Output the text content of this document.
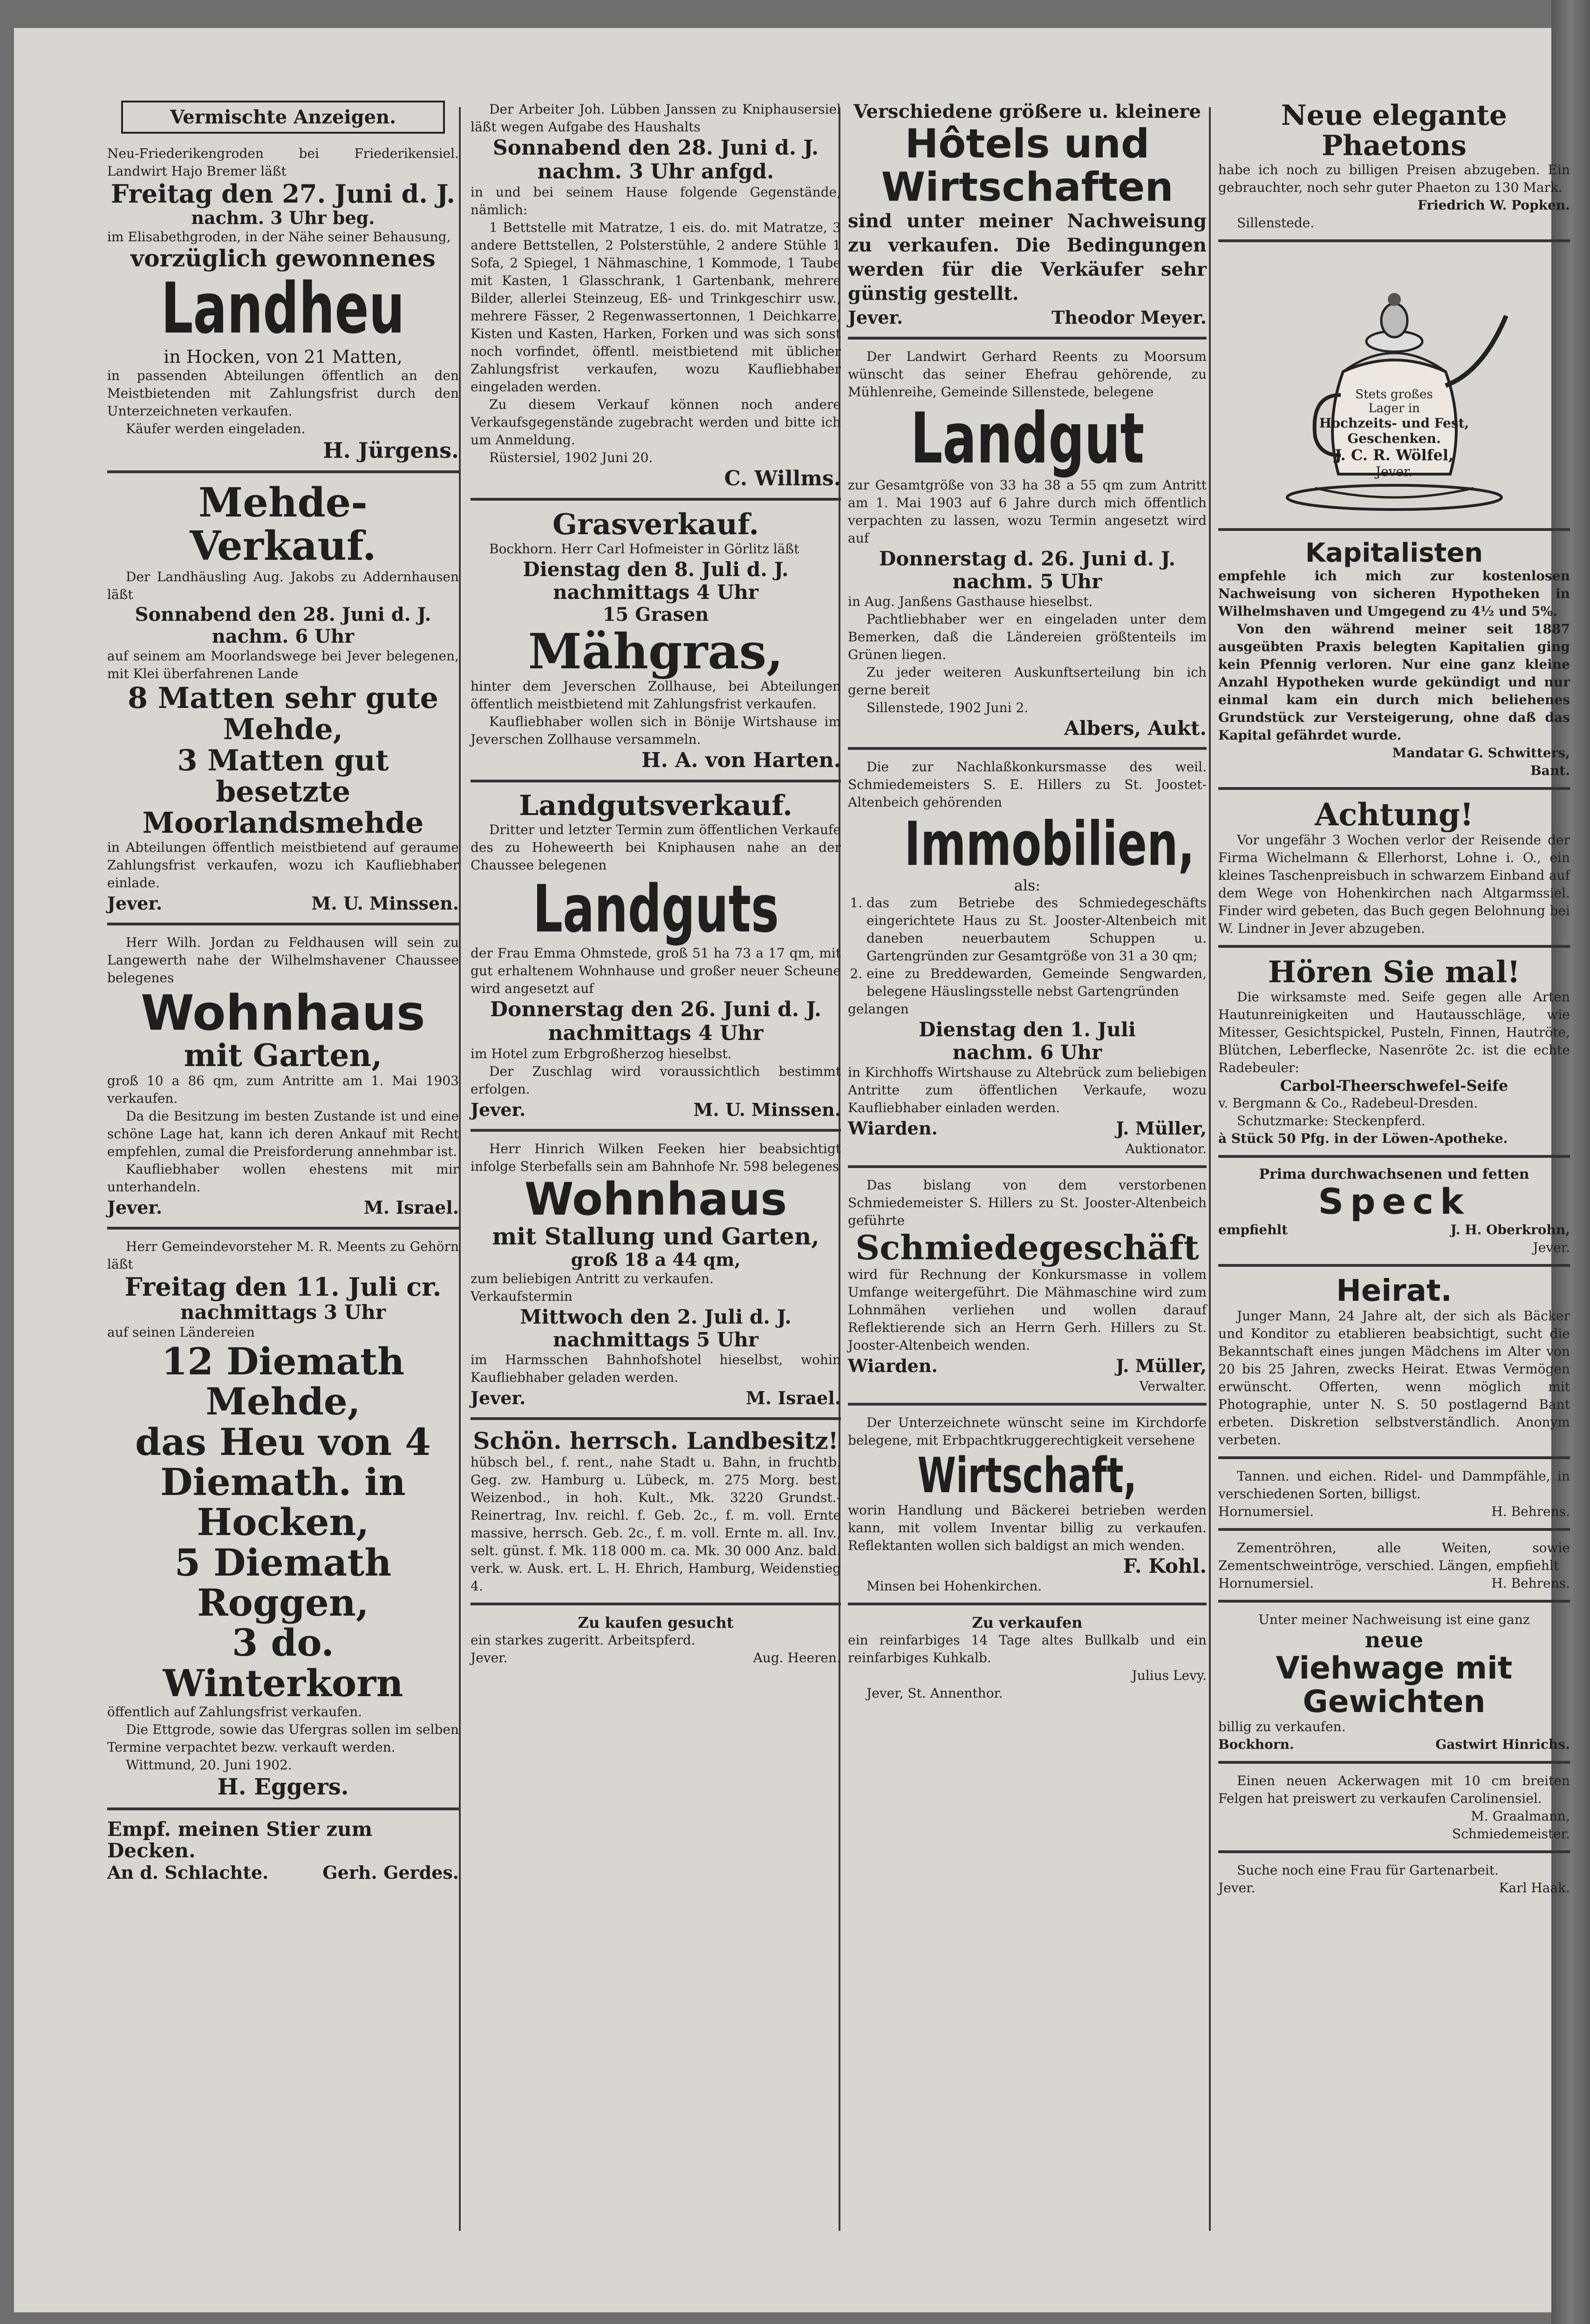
Vermischte Anzeigen.

Neu-Friederikengroden bei Friederikensiel. Landwirt Hajo Bremer läßt

Freitag den 27. Juni d. J.

nachm. 3 Uhr beg.

im Elisabethgroden, in der Nähe seiner Behausung,

vorzüglich gewonnenes

Landheu

in Hocken, von 21 Matten,

in passenden Abteilungen öffentlich an den Meistbietenden mit Zahlungsfrist durch den Unterzeichneten verkaufen.

Käufer werden eingeladen.

H. Jürgens.

Mehde-Verkauf.

Der Landhäusling Aug. Jakobs zu Addernhausen läßt

Sonnabend den 28. Juni d. J.

nachm. 6 Uhr

auf seinem am Moorlandswege bei Jever belegenen, mit Klei überfahrenen Lande

8 Matten sehr gute Mehde,

3 Matten gut besetzte Moorlandsmehde

in Abteilungen öffentlich meistbietend auf geraume Zahlungsfrist verkaufen, wozu ich Kaufliebhaber einlade.

Jever.	M. U. Minssen.

Herr Wilh. Jordan zu Feldhausen will sein zu Langewerth nahe der Wilhelmshavener Chaussee belegenes

Wohnhaus

mit Garten,

groß 10 a 86 qm, zum Antritte am 1. Mai 1903 verkaufen.

Da die Besitzung im besten Zustande ist und eine schöne Lage hat, kann ich deren Ankauf mit Recht empfehlen, zumal die Preisforderung annehmbar ist.

Kaufliebhaber wollen ehestens mit mir unterhandeln.

Jever.	M. Israel.

Herr Gemeindevorsteher M. R. Meents zu Gehörn läßt

Freitag den 11. Juli cr.

nachmittags 3 Uhr

auf seinen Ländereien

12 Diemath Mehde,

das Heu von 4

Diemath. in Hocken,

5 Diemath Roggen,

3 do. Winterkorn

öffentlich auf Zahlungsfrist verkaufen.

Die Ettgrode, sowie das Ufergras sollen im selben Termine verpachtet bezw. verkauft werden.

Wittmund, 20. Juni 1902.

H. Eggers.

Empf. meinen Stier zum Decken.

An d. Schlachte.	Gerh. Gerdes.

Der Arbeiter Joh. Lübben Janssen zu Kniphausersiel läßt wegen Aufgabe des Haushalts

Sonnabend den 28. Juni d. J.

nachm. 3 Uhr anfgd.

in und bei seinem Hause folgende Gegenstände, nämlich:

1 Bettstelle mit Matratze, 1 eis. do. mit Matratze, 3 andere Bettstellen, 2 Polsterstühle, 2 andere Stühle 1 Sofa, 2 Spiegel, 1 Nähmaschine, 1 Kommode, 1 Taube mit Kasten, 1 Glasschrank, 1 Gartenbank, mehrere Bilder, allerlei Steinzeug, Eß- und Trinkgeschirr usw., mehrere Fässer, 2 Regenwassertonnen, 1 Deichkarre, Kisten und Kasten, Harken, Forken und was sich sonst noch vorfindet, öffentl. meistbietend mit üblicher Zahlungsfrist verkaufen, wozu Kaufliebhaber eingeladen werden.

Zu diesem Verkauf können noch andere Verkaufsgegenstände zugebracht werden und bitte ich um Anmeldung.

Rüstersiel, 1902 Juni 20.

C. Willms.

Grasverkauf.

Bockhorn. Herr Carl Hofmeister in Görlitz läßt

Dienstag den 8. Juli d. J.

nachmittags 4 Uhr

15 Grasen

Mähgras,

hinter dem Jeverschen Zollhause, bei Abteilungen öffentlich meistbietend mit Zahlungsfrist verkaufen.

Kaufliebhaber wollen sich in Bönije Wirtshause im Jeverschen Zollhause versammeln.

H. A. von Harten.

Landgutsverkauf.

Dritter und letzter Termin zum öffentlichen Verkaufe des zu Hoheweerth bei Kniphausen nahe an der Chaussee belegenen

Landguts

der Frau Emma Ohmstede, groß 51 ha 73 a 17 qm, mit gut erhaltenem Wohnhause und großer neuer Scheune wird angesetzt auf

Donnerstag den 26. Juni d. J.

nachmittags 4 Uhr

im Hotel zum Erbgroßherzog hieselbst.

Der Zuschlag wird voraussichtlich bestimmt erfolgen.

Jever.	M. U. Minssen.

Herr Hinrich Wilken Feeken hier beabsichtigt infolge Sterbefalls sein am Bahnhofe Nr. 598 belegenes

Wohnhaus

mit Stallung und Garten,

groß 18 a 44 qm,

zum beliebigen Antritt zu verkaufen.

Verkaufstermin

Mittwoch den 2. Juli d. J.

nachmittags 5 Uhr

im Harmsschen Bahnhofshotel hieselbst, wohin Kaufliebhaber geladen werden.

Jever.	M. Israel.

Schön. herrsch. Landbesitz!

hübsch bel., f. rent., nahe Stadt u. Bahn, in fruchtb. Geg. zw. Hamburg u. Lübeck, m. 275 Morg. best. Weizenbod., in hoh. Kult., Mk. 3220 Grundst.-Reinertrag, Inv. reichl. f. Geb. 2c., f. m. voll. Ernte massive, herrsch. Geb. 2c., f. m. voll. Ernte m. all. Inv., selt. günst. f. Mk. 118 000 m. ca. Mk. 30 000 Anz. bald. verk. w. Ausk. ert. L. H. Ehrich, Hamburg, Weidenstieg 4.

Zu kaufen gesucht

ein starkes zugeritt. Arbeitspferd.

Jever.	Aug. Heeren.

Verschiedene größere u. kleinere

Hôtels und Wirtschaften

sind unter meiner Nachweisung zu verkaufen. Die Bedingungen werden für die Verkäufer sehr günstig gestellt.

Jever.	Theodor Meyer.

Der Landwirt Gerhard Reents zu Moorsum wünscht das seiner Ehefrau gehörende, zu Mühlenreihe, Gemeinde Sillenstede, belegene

Landgut

zur Gesamtgröße von 33 ha 38 a 55 qm zum Antritt am 1. Mai 1903 auf 6 Jahre durch mich öffentlich verpachten zu lassen, wozu Termin angesetzt wird auf

Donnerstag d. 26. Juni d. J.

nachm. 5 Uhr

in Aug. Janßens Gasthause hieselbst.

Pachtliebhaber wer en eingeladen unter dem Bemerken, daß die Ländereien größtenteils im Grünen liegen.

Zu jeder weiteren Auskunftserteilung bin ich gerne bereit

Sillenstede, 1902 Juni 2.

Albers, Aukt.

Die zur Nachlaßkonkursmasse des weil. Schmiedemeisters S. E. Hillers zu St. Joostet-Altenbeich gehörenden

Immobilien,

als:

1. das zum Betriebe des Schmiedegeschäfts eingerichtete Haus zu St. Jooster-Altenbeich mit daneben neuerbautem Schuppen u. Gartengründen zur Gesamtgröße von 31 a 30 qm;
2. eine zu Breddewarden, Gemeinde Sengwarden, belegene Häuslingsstelle nebst Gartengründen

gelangen

Dienstag den 1. Juli

nachm. 6 Uhr

in Kirchhoffs Wirtshause zu Altebrück zum beliebigen Antritte zum öffentlichen Verkaufe, wozu Kaufliebhaber einladen werden.

Wiarden.	J. Müller,

Auktionator.

Das bislang von dem verstorbenen Schmiedemeister S. Hillers zu St. Jooster-Altenbeich geführte

Schmiedegeschäft

wird für Rechnung der Konkursmasse in vollem Umfange weitergeführt. Die Mähmaschine wird zum Lohnmähen verliehen und wollen darauf Reflektierende sich an Herrn Gerh. Hillers zu St. Jooster-Altenbeich wenden.

Wiarden.	J. Müller,

Verwalter.

Der Unterzeichnete wünscht seine im Kirchdorfe belegene, mit Erbpachtkruggerechtigkeit versehene

Wirtschaft,

worin Handlung und Bäckerei betrieben werden kann, mit vollem Inventar billig zu verkaufen. Reflektanten wollen sich baldigst an mich wenden.

F. Kohl.

Minsen bei Hohenkirchen.

Zu verkaufen

ein reinfarbiges 14 Tage altes Bullkalb und ein reinfarbiges Kuhkalb.

Julius Levy.

Jever, St. Annenthor.

Neue elegante Phaetons

habe ich noch zu billigen Preisen abzugeben. Ein gebrauchter, noch sehr guter Phaeton zu 130 Mark.

Friedrich W. Popken.

Sillenstede.

Stets großes

Lager in

Hochzeits- und Fest,

Geschenken.

J. C. R. Wölfel,

Jever.

Kapitalisten

empfehle ich mich zur kostenlosen Nachweisung von sicheren Hypotheken in Wilhelmshaven und Umgegend zu 4½ und 5%.

Von den während meiner seit 1887 ausgeübten Praxis belegten Kapitalien ging kein Pfennig verloren. Nur eine ganz kleine Anzahl Hypotheken wurde gekündigt und nur einmal kam ein durch mich beliehenes Grundstück zur Versteigerung, ohne daß das Kapital gefährdet wurde.

Mandatar G. Schwitters,

Bant.

Achtung!

Vor ungefähr 3 Wochen verlor der Reisende der Firma Wichelmann & Ellerhorst, Lohne i. O., ein kleines Taschenpreisbuch in schwarzem Einband auf dem Wege von Hohenkirchen nach Altgarmssiel. Finder wird gebeten, das Buch gegen Belohnung bei W. Lindner in Jever abzugeben.

Hören Sie mal!

Die wirksamste med. Seife gegen alle Arten Hautunreinigkeiten und Hautausschläge, wie Mitesser, Gesichtspickel, Pusteln, Finnen, Hautröte, Blütchen, Leberflecke, Nasenröte 2c. ist die echte Radebeuler:

Carbol-Theerschwefel-Seife

v. Bergmann & Co., Radebeul-Dresden.

Schutzmarke: Steckenpferd.

à Stück 50 Pfg. in der Löwen-Apotheke.

Prima durchwachsenen und fetten

Speck

empfiehlt	J. H. Oberkrohn,

Jever.

Heirat.

Junger Mann, 24 Jahre alt, der sich als Bäcker und Konditor zu etablieren beabsichtigt, sucht die Bekanntschaft eines jungen Mädchens im Alter von 20 bis 25 Jahren, zwecks Heirat. Etwas Vermögen erwünscht. Offerten, wenn möglich mit Photographie, unter N. S. 50 postlagernd Bant erbeten. Diskretion selbstverständlich. Anonym verbeten.

Tannen. und eichen. Ridel- und Dammpfähle, in verschiedenen Sorten, billigst.

Hornumersiel.	H. Behrens.

Zementröhren, alle Weiten, sowie Zementschweintröge, verschied. Längen, empfiehlt

Hornumersiel.	H. Behrens.

Unter meiner Nachweisung ist eine ganz

neue

Viehwage mit Gewichten

billig zu verkaufen.

Bockhorn.	Gastwirt Hinrichs.

Einen neuen Ackerwagen mit 10 cm breiten Felgen hat preiswert zu verkaufen Carolinensiel.

M. Graalmann,

Schmiedemeister.

Suche noch eine Frau für Gartenarbeit.

Jever.	Karl Haak.
